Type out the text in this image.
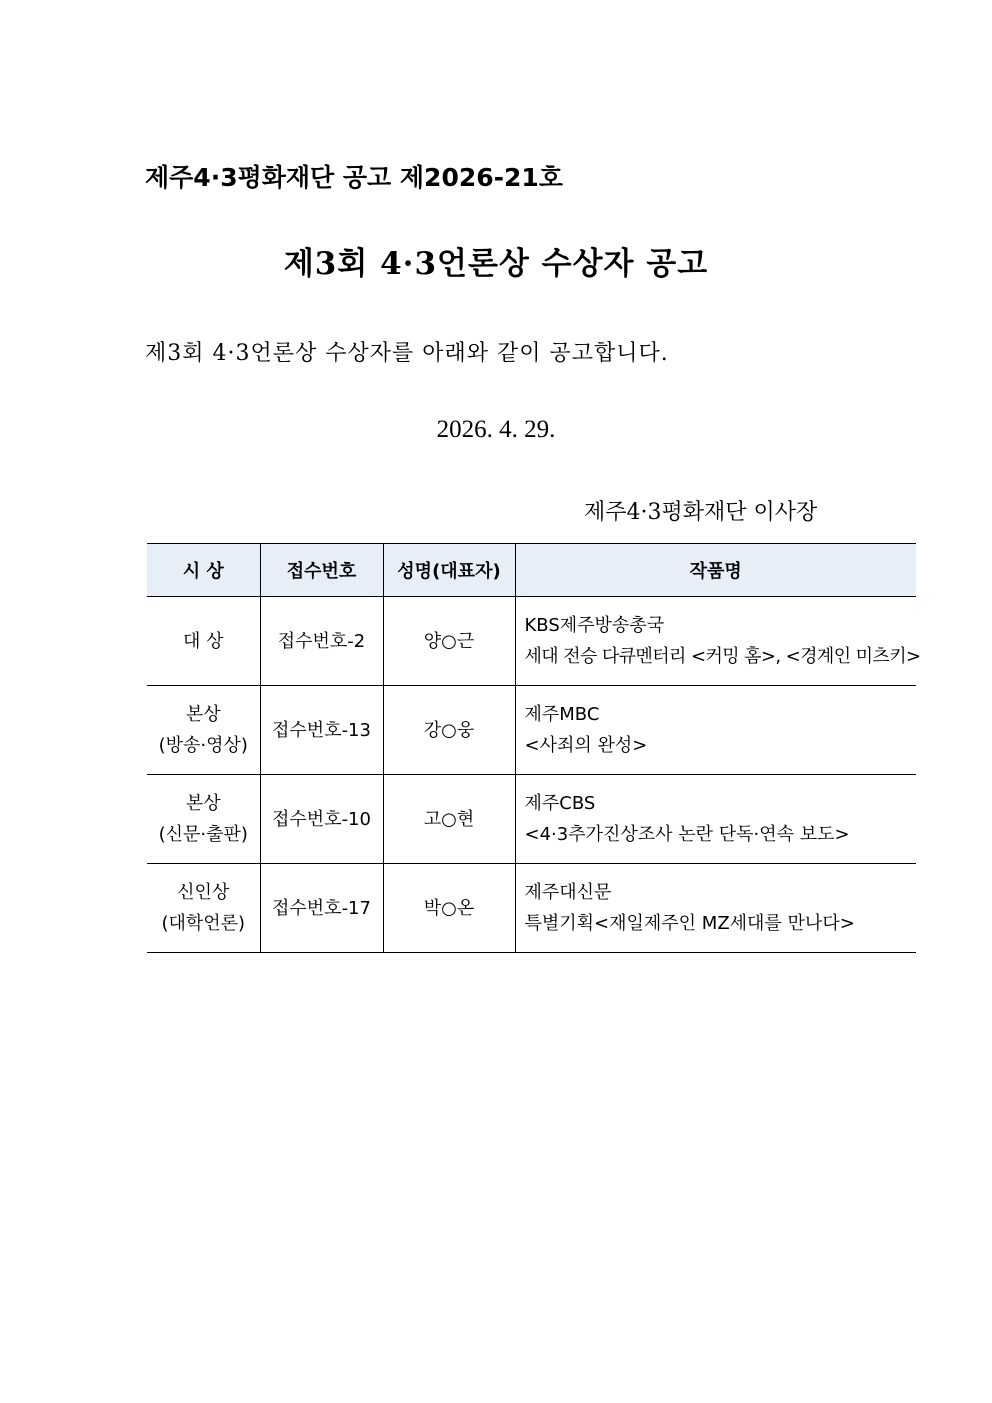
제주4·3평화재단 공고 제2026-21호
제3회 4·3언론상 수상자 공고
제3회 4·3언론상 수상자를 아래와 같이 공고합니다.
2026. 4. 29.
제주4·3평화재단 이사장
시 상	접수번호	성명(대표자)	작품명

대 상	접수번호-2	양○근	KBS제주방송총국
세대 전승 다큐멘터리 <커밍 홈>, <경계인 미츠키>

본상
(방송·영상)	접수번호-13	강○웅	제주MBC
<사죄의 완성>

본상
(신문·출판)	접수번호-10	고○현	제주CBS
<4·3추가진상조사 논란 단독·연속 보도>

신인상
(대학언론)	접수번호-17	박○온	제주대신문
특별기획<재일제주인 MZ세대를 만나다>
